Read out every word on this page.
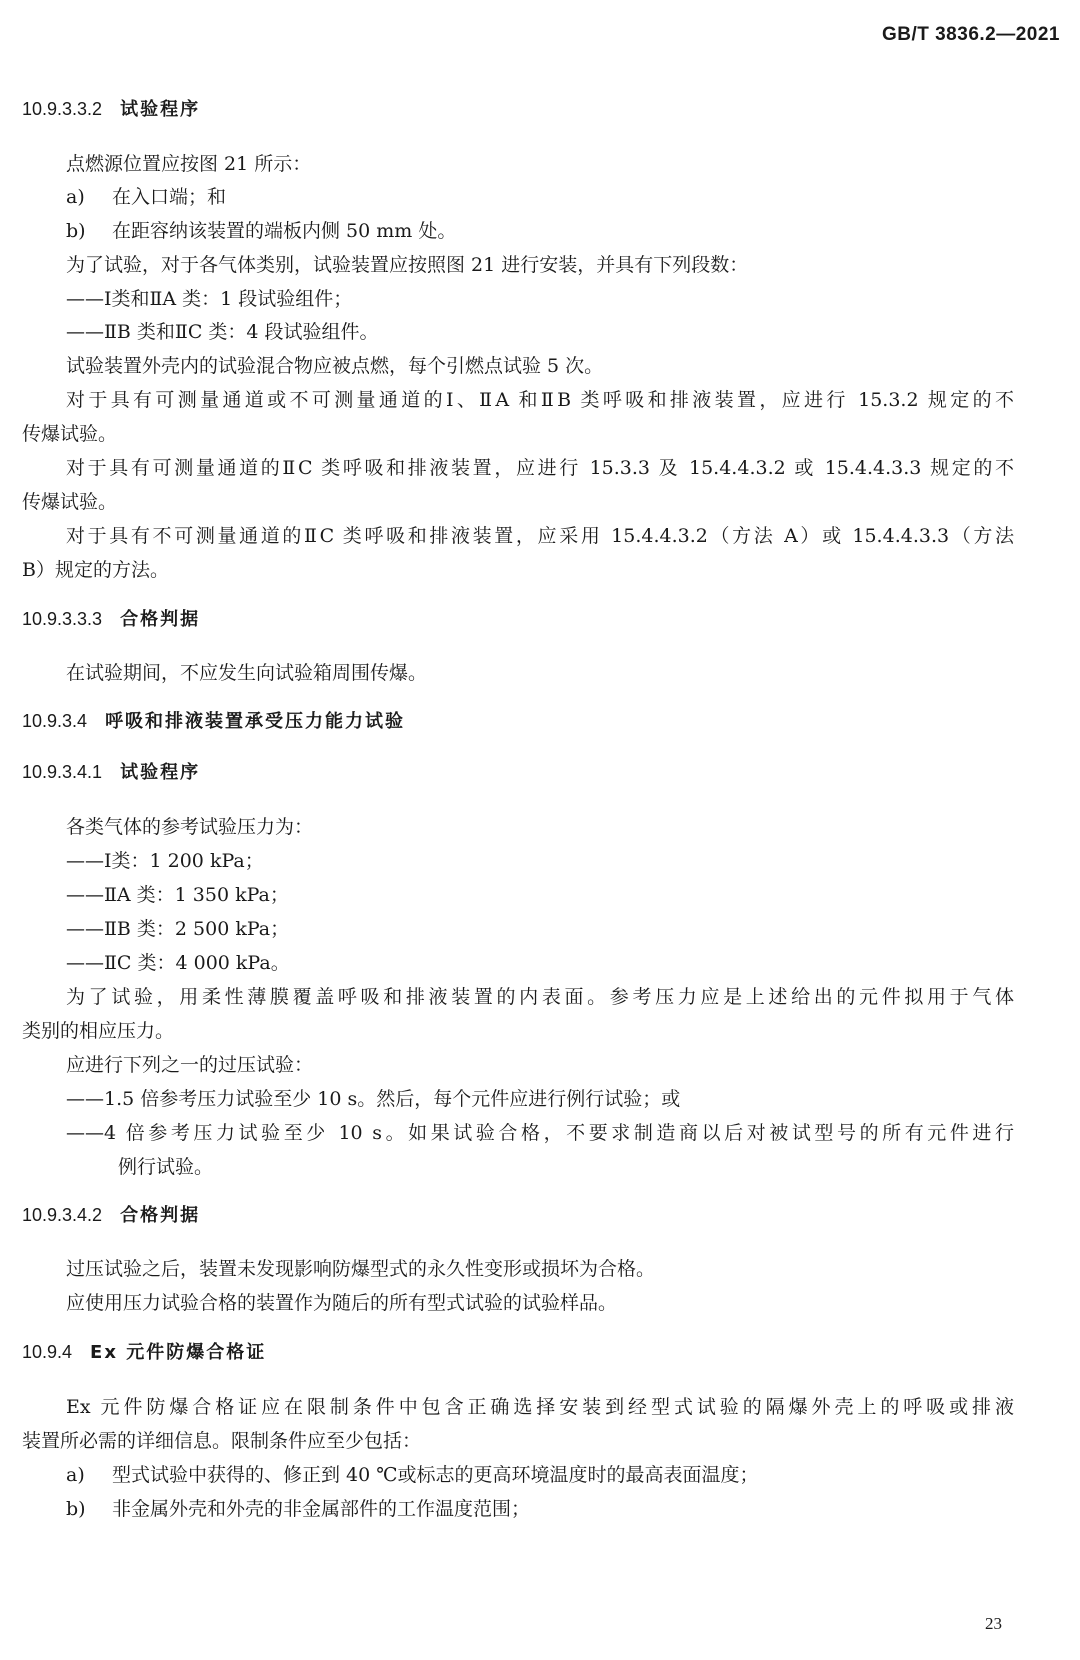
GB/T 3836.2—2021
10.9.3.3.2 试验程序
点燃源位置应按图 21 所示：
a) 在入口端；和
b) 在距容纳该装置的端板内侧 50 mm 处。
为了试验，对于各气体类别，试验装置应按照图 21 进行安装，并具有下列段数：
——Ⅰ类和ⅡA 类：1 段试验组件；
——ⅡB 类和ⅡC 类：4 段试验组件。
试验装置外壳内的试验混合物应被点燃，每个引燃点试验 5 次。
对于具有可测量通道或不可测量通道的Ⅰ、ⅡA 和ⅡB 类呼吸和排液装置，应进行 15.3.2 规定的不
传爆试验。
对于具有可测量通道的ⅡC 类呼吸和排液装置，应进行 15.3.3 及 15.4.4.3.2 或 15.4.4.3.3 规定的不
传爆试验。
对于具有不可测量通道的ⅡC 类呼吸和排液装置，应采用 15.4.4.3.2（方法 A）或 15.4.4.3.3（方法
B）规定的方法。
10.9.3.3.3 合格判据
在试验期间，不应发生向试验箱周围传爆。
10.9.3.4 呼吸和排液装置承受压力能力试验
10.9.3.4.1 试验程序
各类气体的参考试验压力为：
——Ⅰ类：1 200 kPa；
——ⅡA 类：1 350 kPa；
——ⅡB 类：2 500 kPa；
——ⅡC 类：4 000 kPa。
为了试验，用柔性薄膜覆盖呼吸和排液装置的内表面。参考压力应是上述给出的元件拟用于气体
类别的相应压力。
应进行下列之一的过压试验：
——1.5 倍参考压力试验至少 10 s。然后，每个元件应进行例行试验；或
——4 倍参考压力试验至少 10 s。如果试验合格，不要求制造商以后对被试型号的所有元件进行
例行试验。
10.9.3.4.2 合格判据
过压试验之后，装置未发现影响防爆型式的永久性变形或损坏为合格。
应使用压力试验合格的装置作为随后的所有型式试验的试验样品。
10.9.4 Ex 元件防爆合格证
Ex 元件防爆合格证应在限制条件中包含正确选择安装到经型式试验的隔爆外壳上的呼吸或排液
装置所必需的详细信息。限制条件应至少包括：
a) 型式试验中获得的、修正到 40 ℃或标志的更高环境温度时的最高表面温度；
b) 非金属外壳和外壳的非金属部件的工作温度范围；
23
